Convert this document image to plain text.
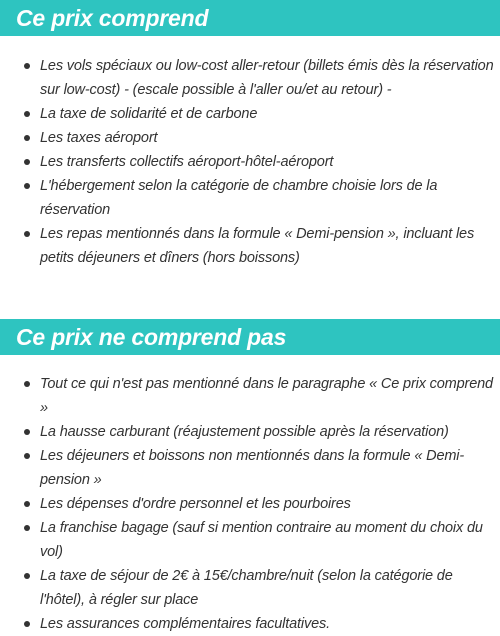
Ce prix comprend
Les vols spéciaux ou low-cost aller-retour (billets émis dès la réservation sur low-cost) - (escale possible à l'aller ou/et au retour) -
La taxe de solidarité et de carbone
Les taxes aéroport
Les transferts collectifs aéroport-hôtel-aéroport
L'hébergement selon la catégorie de chambre choisie lors de la réservation
Les repas mentionnés dans la formule « Demi-pension », incluant les petits déjeuners et dîners (hors boissons)
Ce prix ne comprend pas
Tout ce qui n'est pas mentionné dans le paragraphe « Ce prix comprend »
La hausse carburant (réajustement possible après la réservation)
Les déjeuners et boissons non mentionnés dans la formule « Demi-pension »
Les dépenses d'ordre personnel et les pourboires
La franchise bagage (sauf si mention contraire au moment du choix du vol)
La taxe de séjour de 2€ à 15€/chambre/nuit (selon la catégorie de l'hôtel), à régler sur place
Les assurances complémentaires facultatives.
